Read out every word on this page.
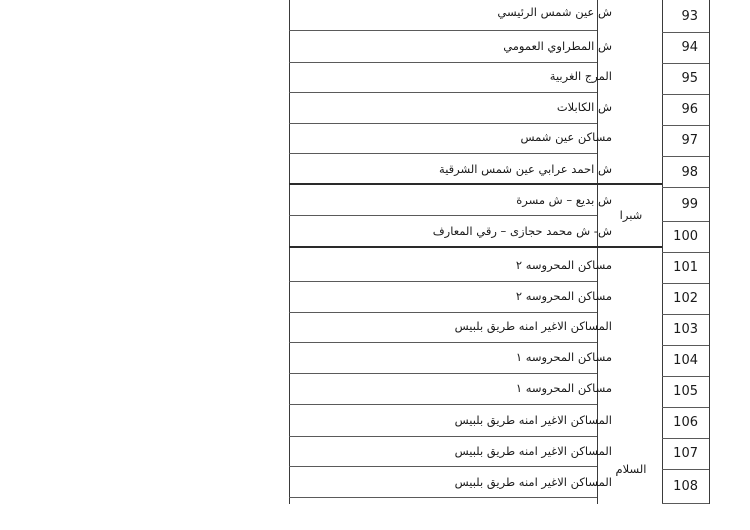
ش عين شمس الرئيسي
ش المطراوي العمومي
المرج الغربية
ش الكابلات
مساكن عين شمس
ش احمد عرابي عين شمس الشرقية
ش بديع – ش مسرة
ش- ش محمد حجازى – رقي المعارف
مساكن المحروسه ٢
مساكن المحروسه ٢
المساكن الاغير امنه طريق بلبيس
مساكن المحروسه ١
مساكن المحروسه ١
المساكن الاغير امنه طريق بلبيس
المساكن الاغير امنه طريق بلبيس
المساكن الاغير امنه طريق بلبيس
93
94
95
96
97
98
99
100
101
102
103
104
105
106
107
108
شبرا
السلام
